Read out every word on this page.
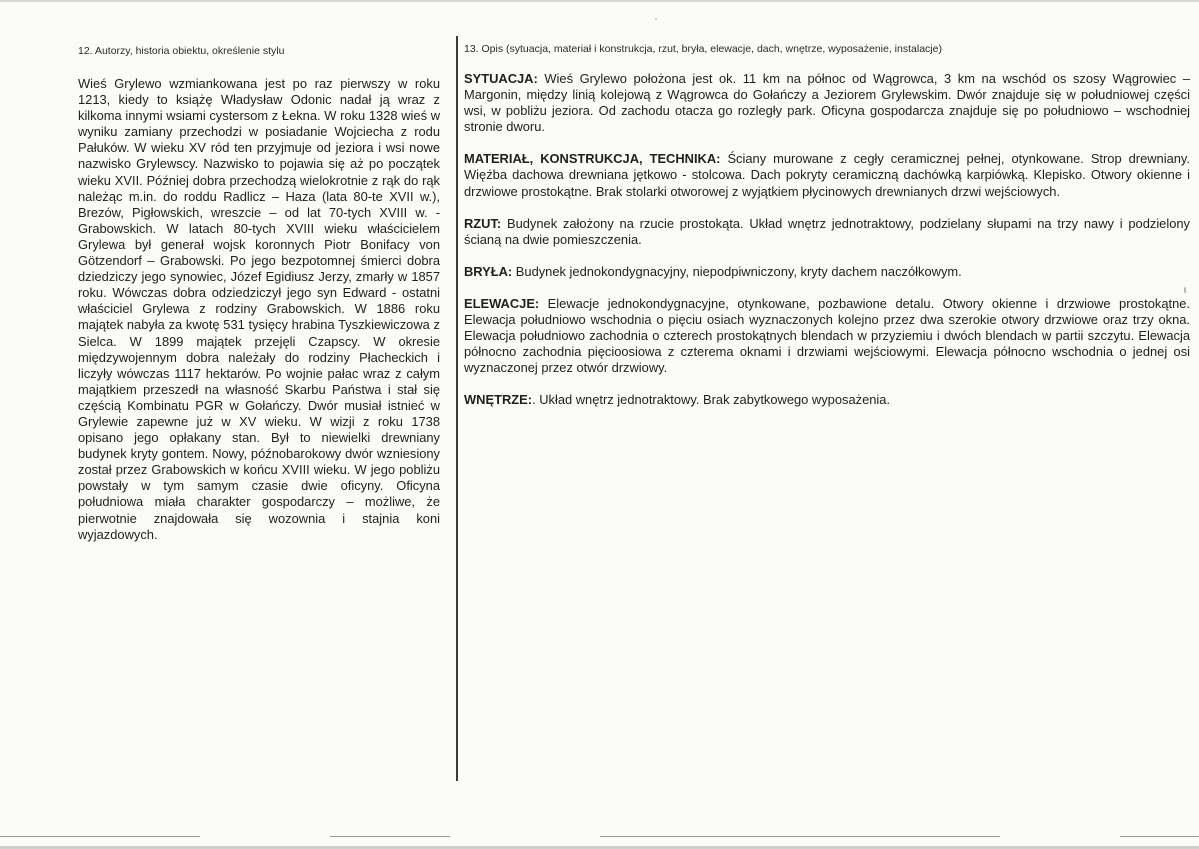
12. Autorzy, historia obiektu, określenie stylu
Wieś Grylewo wzmiankowana jest po raz pierwszy w roku 1213, kiedy to książę Władysław Odonic nadał ją wraz z kilkoma innymi wsiami cystersom z Łekna. W roku 1328 wieś w wyniku zamiany przechodzi w posiadanie Wojciecha z rodu Pałuków. W wieku XV ród ten przyjmuje od jeziora i wsi nowe nazwisko Grylewscy. Nazwisko to pojawia się aż po początek wieku XVII. Później dobra przechodzą wielokrotnie z rąk do rąk należąc m.in. do roddu Radlicz – Haza (lata 80-te XVII w.), Brezów, Pigłowskich, wreszcie – od lat 70-tych XVIII w. - Grabowskich. W latach 80-tych XVIII wieku właścicielem Grylewa był generał wojsk koronnych Piotr Bonifacy von Götzendorf – Grabowski. Po jego bezpotomnej śmierci dobra dziedziczy jego synowiec, Józef Egidiusz Jerzy, zmarły w 1857 roku. Wówczas dobra odziedziczył jego syn Edward - ostatni właściciel Grylewa z rodziny Grabowskich. W 1886 roku majątek nabyła za kwotę 531 tysięcy hrabina Tyszkiewiczowa z Sielca. W 1899 majątek przejęli Czapscy. W okresie międzywojennym dobra należały do rodziny Płacheckich i liczyły wówczas 1117 hektarów. Po wojnie pałac wraz z całym majątkiem przeszedł na własność Skarbu Państwa i stał się częścią Kombinatu PGR w Gołańczy. Dwór musiał istnieć w Grylewie zapewne już w XV wieku. W wizji z roku 1738 opisano jego opłakany stan. Był to niewielki drewniany budynek kryty gontem. Nowy, późnobarokowy dwór wzniesiony został przez Grabowskich w końcu XVIII wieku. W jego pobliżu powstały w tym samym czasie dwie oficyny. Oficyna południowa miała charakter gospodarczy – możliwe, że pierwotnie znajdowała się wozownia i stajnia koni wyjazdowych.
13. Opis (sytuacja, materiał i konstrukcja, rzut, bryła, elewacje, dach, wnętrze, wyposażenie, instalacje)

SYTUACJA: Wieś Grylewo położona jest ok. 11 km na północ od Wągrowca, 3 km na wschód os szosy Wągrowiec – Margonin, między linią kolejową z Wągrowca do Gołańczy a Jeziorem Grylewskim. Dwór znajduje się w południowej części wsi, w pobliżu jeziora. Od zachodu otacza go rozległy park. Oficyna gospodarcza znajduje się po południowo – wschodniej stronie dworu.

MATERIAŁ, KONSTRUKCJA, TECHNIKA: Ściany murowane z cegły ceramicznej pełnej, otynkowane. Strop drewniany. Więźba dachowa drewniana jętkowo - stolcowa. Dach pokryty ceramiczną dachówką karpiówką. Klepisko. Otwory okienne i drzwiowe prostokątne. Brak stolarki otworowej z wyjątkiem płycinowych drewnianych drzwi wejściowych.

RZUT: Budynek założony na rzucie prostokąta. Układ wnętrz jednotraktowy, podzielany słupami na trzy nawy i podzielony ścianą na dwie pomieszczenia.

BRYŁA: Budynek jednokondygnacyjny, niepodpiwniczony, kryty dachem naczółkowym.

ELEWACJE: Elewacje jednokondygnacyjne, otynkowane, pozbawione detalu. Otwory okienne i drzwiowe prostokątne. Elewacja południowo wschodnia o pięciu osiach wyznaczonych kolejno przez dwa szerokie otwory drzwiowe oraz trzy okna. Elewacja południowo zachodnia o czterech prostokątnych blendach w przyziemiu i dwóch blendach w partii szczytu. Elewacja północno zachodnia pięcioosiowa z czterema oknami i drzwiami wejściowymi. Elewacja północno wschodnia o jednej osi wyznaczonej przez otwór drzwiowy.

WNĘTRZE:. Układ wnętrz jednotraktowy. Brak zabytkowego wyposażenia.
